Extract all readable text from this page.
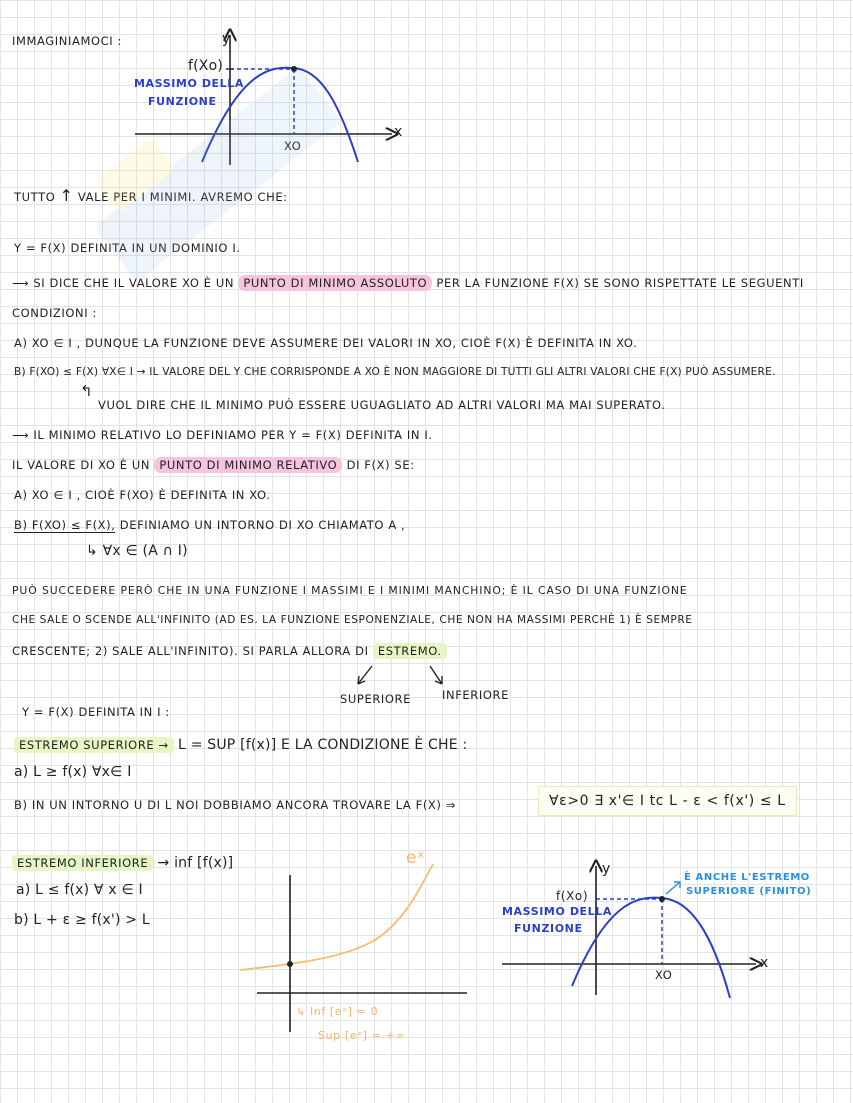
IMMAGINIAMOCI :
TUTTO ↑ VALE PER I MINIMI. AVREMO CHE:
Y = F(X) DEFINITA IN UN DOMINIO I.
⟶ SI DICE CHE IL VALORE XO È UN PUNTO DI MINIMO ASSOLUTO PER LA FUNZIONE F(X) SE SONO RISPETTATE LE SEGUENTI
CONDIZIONI :
A) XO ∈ I , DUNQUE LA FUNZIONE DEVE ASSUMERE DEI VALORI IN XO, CIOÈ F(X) È DEFINITA IN XO.
B) F(XO) ≤ F(X) ∀X∈ I → IL VALORE DEL Y CHE CORRISPONDE A XO È NON MAGGIORE DI TUTTI GLI ALTRI VALORI CHE F(X) PUÒ ASSUMERE.
↰
VUOL DIRE CHE IL MINIMO PUÒ ESSERE UGUAGLIATO AD ALTRI VALORI MA MAI SUPERATO.
⟶ IL MINIMO RELATIVO LO DEFINIAMO PER Y = F(X) DEFINITA IN I.
IL VALORE DI XO È UN PUNTO DI MINIMO RELATIVO DI F(X) SE:
A) XO ∈ I , CIOÈ F(XO) È DEFINITA IN XO.
B) F(XO) ≤ F(X), DEFINIAMO UN INTORNO DI XO CHIAMATO A ,
↳ ∀x ∈ (A ∩ I)
PUÒ SUCCEDERE PERÒ CHE IN UNA FUNZIONE I MASSIMI E I MINIMI MANCHINO; È IL CASO DI UNA FUNZIONE
CHE SALE O SCENDE ALL'INFINITO (AD ES. LA FUNZIONE ESPONENZIALE, CHE NON HA MASSIMI PERCHÈ 1) È SEMPRE
CRESCENTE; 2) SALE ALL'INFINITO). SI PARLA ALLORA DI ESTREMO.
SUPERIORE	INFERIORE
Y = F(X) DEFINITA IN I :
ESTREMO SUPERIORE → L = SUP [f(x)] E LA CONDIZIONE È CHE :
a) L ≥ f(x) ∀x∈ I
B) IN UN INTORNO U DI L NOI DOBBIAMO ANCORA TROVARE LA F(X) ⇒	∀ε>0 ∃ x'∈ I tc L - ε < f(x') ≤ L
ESTREMO INFERIORE → inf [f(x)]
a) L ≤ f(x) ∀ x ∈ I
b) L + ε ≥ f(x') > L
y
x
f(Xo)
XO
MASSIMO DELLA
FUNZIONE
eˣ
↳ Inf [eˣ] = 0
Sup [eˣ] = +∞
y
x
f(Xo)
XO
MASSIMO DELLA
FUNZIONE
È ANCHE L'ESTREMO
SUPERIORE (FINITO)
